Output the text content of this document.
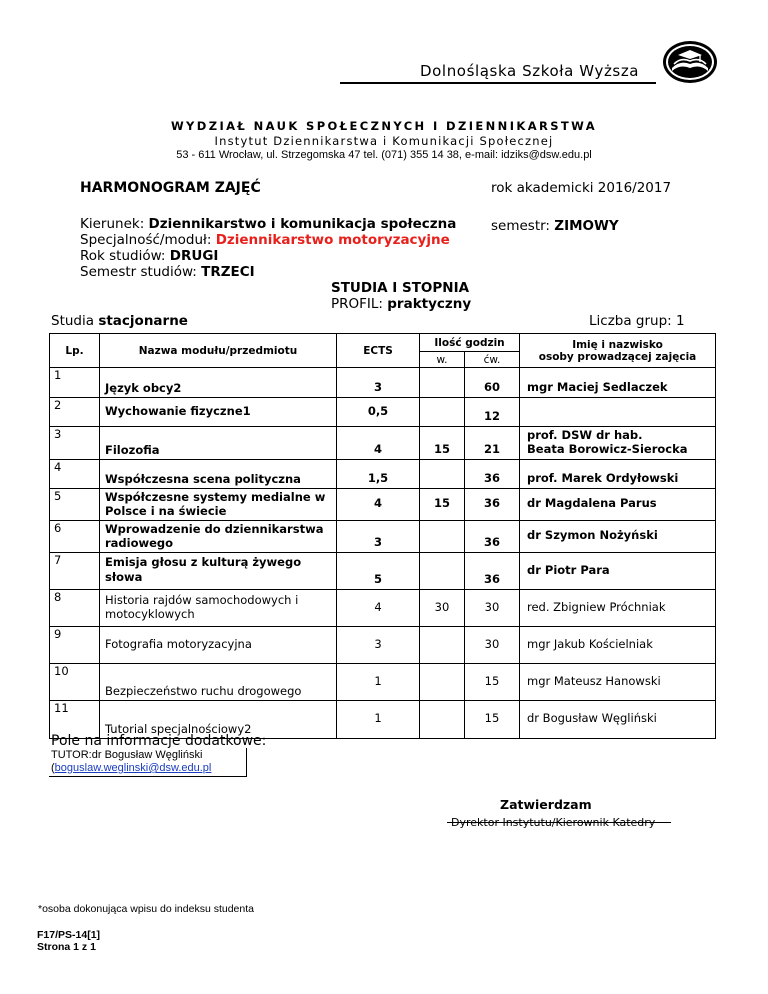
Dolnośląska Szkoła Wyższa
WYDZIAŁ NAUK SPOŁECZNYCH I DZIENNIKARSTWA
Instytut Dziennikarstwa i Komunikacji Społecznej
53 - 611 Wrocław, ul. Strzegomska 47 tel. (071) 355 14 38, e-mail: idziks@dsw.edu.pl
HARMONOGRAM ZAJĘĆ	rok akademicki 2016/2017
Kierunek: Dziennikarstwo i komunikacja społeczna	semestr: ZIMOWY
Specjalność/moduł: Dziennikarstwo motoryzacyjne
Rok studiów: DRUGI
Semestr studiów: TRZECI
STUDIA I STOPNIA
PROFIL: praktyczny
Studia stacjonarne	Liczba grup: 1
Lp.	Nazwa modułu/przedmiotu	ECTS	Ilość godzin		Imię i nazwisko
osoby prowadzącej zajęcia

			w.	ćw.	
1	Język obcy2	3		60	mgr Maciej Sedlaczek
2	Wychowanie fizyczne1	0,5		12	
3	Filozofia	4	15	21	prof. DSW dr hab.
Beata Borowicz-Sierocka

4	Współczesna scena polityczna	1,5		36	prof. Marek Ordyłowski
5	Współczesne systemy medialne w Polsce i na świecie	4	15	36	dr Magdalena Parus
6	Wprowadzenie do dziennikarstwa radiowego	3		36	dr Szymon Nożyński
7	Emisja głosu z kulturą żywego słowa	5		36	dr Piotr Para
8	Historia rajdów samochodowych i motocyklowych	4	30	30	red. Zbigniew Próchniak
9	Fotografia motoryzacyjna	3		30	mgr Jakub Kościelniak
10	Bezpieczeństwo ruchu drogowego	1		15	mgr Mateusz Hanowski
11	Tutorial specjalnościowy2	1		15	dr Bogusław Węgliński
Pole na informacje dodatkowe:
TUTOR:dr Bogusław Węgliński
(boguslaw.weglinski@dsw.edu.pl
Zatwierdzam
Dyrektor Instytutu/Kierownik Katedry
*osoba dokonująca wpisu do indeksu studenta
F17/PS-14[1]
Strona 1 z 1
